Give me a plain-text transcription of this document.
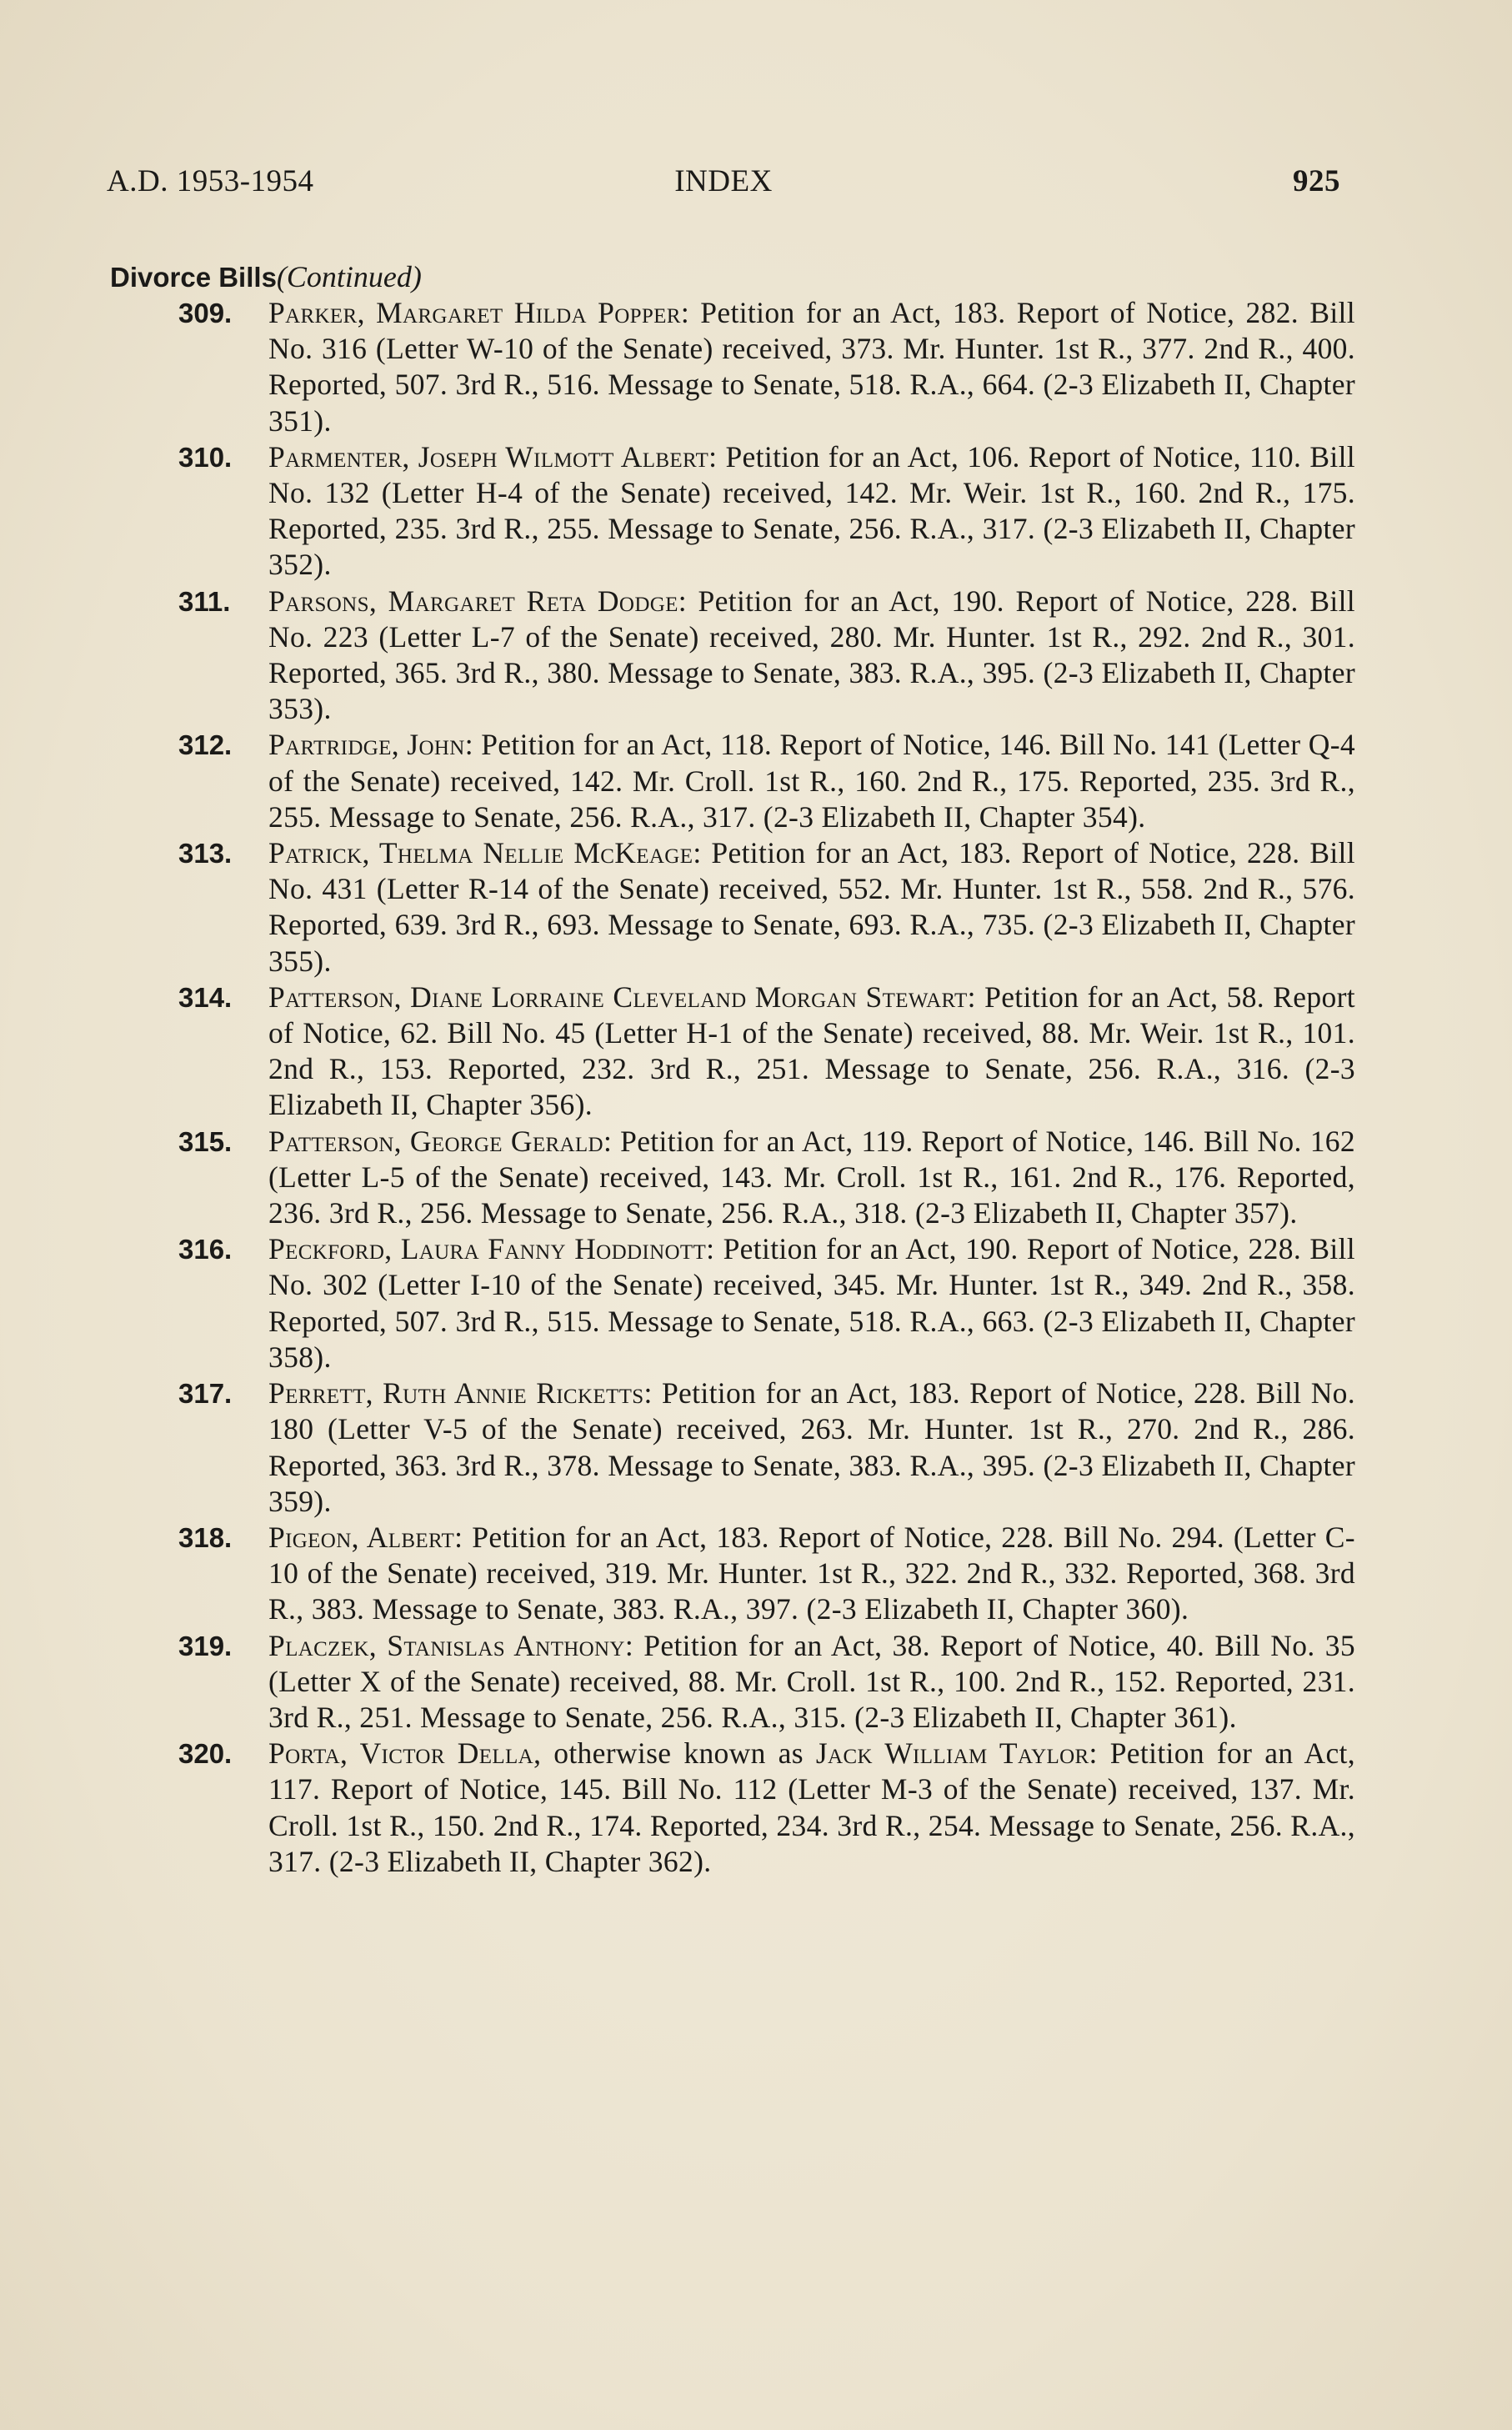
A.D. 1953-1954	INDEX	925
Divorce Bills(Continued)
309.	Parker, Margaret Hilda Popper: Petition for an Act, 183. Report of Notice, 282. Bill No. 316 (Letter W-10 of the Senate) received, 373. Mr. Hunter. 1st R., 377. 2nd R., 400. Reported, 507. 3rd R., 516. Message to Senate, 518. R.A., 664. (2-3 Elizabeth II, Chapter 351).
310.	Parmenter, Joseph Wilmott Albert: Petition for an Act, 106. Report of Notice, 110. Bill No. 132 (Letter H-4 of the Senate) received, 142. Mr. Weir. 1st R., 160. 2nd R., 175. Reported, 235. 3rd R., 255. Message to Senate, 256. R.A., 317. (2-3 Elizabeth II, Chapter 352).
311.	Parsons, Margaret Reta Dodge: Petition for an Act, 190. Report of Notice, 228. Bill No. 223 (Letter L-7 of the Senate) received, 280. Mr. Hunter. 1st R., 292. 2nd R., 301. Reported, 365. 3rd R., 380. Message to Senate, 383. R.A., 395. (2-3 Elizabeth II, Chapter 353).
312.	Partridge, John: Petition for an Act, 118. Report of Notice, 146. Bill No. 141 (Letter Q-4 of the Senate) received, 142. Mr. Croll. 1st R., 160. 2nd R., 175. Reported, 235. 3rd R., 255. Message to Senate, 256. R.A., 317. (2-3 Elizabeth II, Chapter 354).
313.	Patrick, Thelma Nellie McKeage: Petition for an Act, 183. Report of Notice, 228. Bill No. 431 (Letter R-14 of the Senate) received, 552. Mr. Hunter. 1st R., 558. 2nd R., 576. Reported, 639. 3rd R., 693. Message to Senate, 693. R.A., 735. (2-3 Elizabeth II, Chapter 355).
314.	Patterson, Diane Lorraine Cleveland Morgan Stewart: Petition for an Act, 58. Report of Notice, 62. Bill No. 45 (Letter H-1 of the Senate) received, 88. Mr. Weir. 1st R., 101. 2nd R., 153. Reported, 232. 3rd R., 251. Message to Senate, 256. R.A., 316. (2-3 Elizabeth II, Chapter 356).
315.	Patterson, George Gerald: Petition for an Act, 119. Report of Notice, 146. Bill No. 162 (Letter L-5 of the Senate) received, 143. Mr. Croll. 1st R., 161. 2nd R., 176. Reported, 236. 3rd R., 256. Message to Senate, 256. R.A., 318. (2-3 Elizabeth II, Chapter 357).
316.	Peckford, Laura Fanny Hoddinott: Petition for an Act, 190. Report of Notice, 228. Bill No. 302 (Letter I-10 of the Senate) received, 345. Mr. Hunter. 1st R., 349. 2nd R., 358. Reported, 507. 3rd R., 515. Message to Senate, 518. R.A., 663. (2-3 Elizabeth II, Chapter 358).
317.	Perrett, Ruth Annie Ricketts: Petition for an Act, 183. Report of Notice, 228. Bill No. 180 (Letter V-5 of the Senate) received, 263. Mr. Hunter. 1st R., 270. 2nd R., 286. Reported, 363. 3rd R., 378. Message to Senate, 383. R.A., 395. (2-3 Elizabeth II, Chapter 359).
318.	Pigeon, Albert: Petition for an Act, 183. Report of Notice, 228. Bill No. 294. (Letter C-10 of the Senate) received, 319. Mr. Hunter. 1st R., 322. 2nd R., 332. Reported, 368. 3rd R., 383. Message to Senate, 383. R.A., 397. (2-3 Elizabeth II, Chapter 360).
319.	Placzek, Stanislas Anthony: Petition for an Act, 38. Report of Notice, 40. Bill No. 35 (Letter X of the Senate) received, 88. Mr. Croll. 1st R., 100. 2nd R., 152. Reported, 231. 3rd R., 251. Message to Senate, 256. R.A., 315. (2-3 Elizabeth II, Chapter 361).
320.	Porta, Victor Della, otherwise known as Jack William Taylor: Petition for an Act, 117. Report of Notice, 145. Bill No. 112 (Letter M-3 of the Senate) received, 137. Mr. Croll. 1st R., 150. 2nd R., 174. Reported, 234. 3rd R., 254. Message to Senate, 256. R.A., 317. (2-3 Elizabeth II, Chapter 362).
